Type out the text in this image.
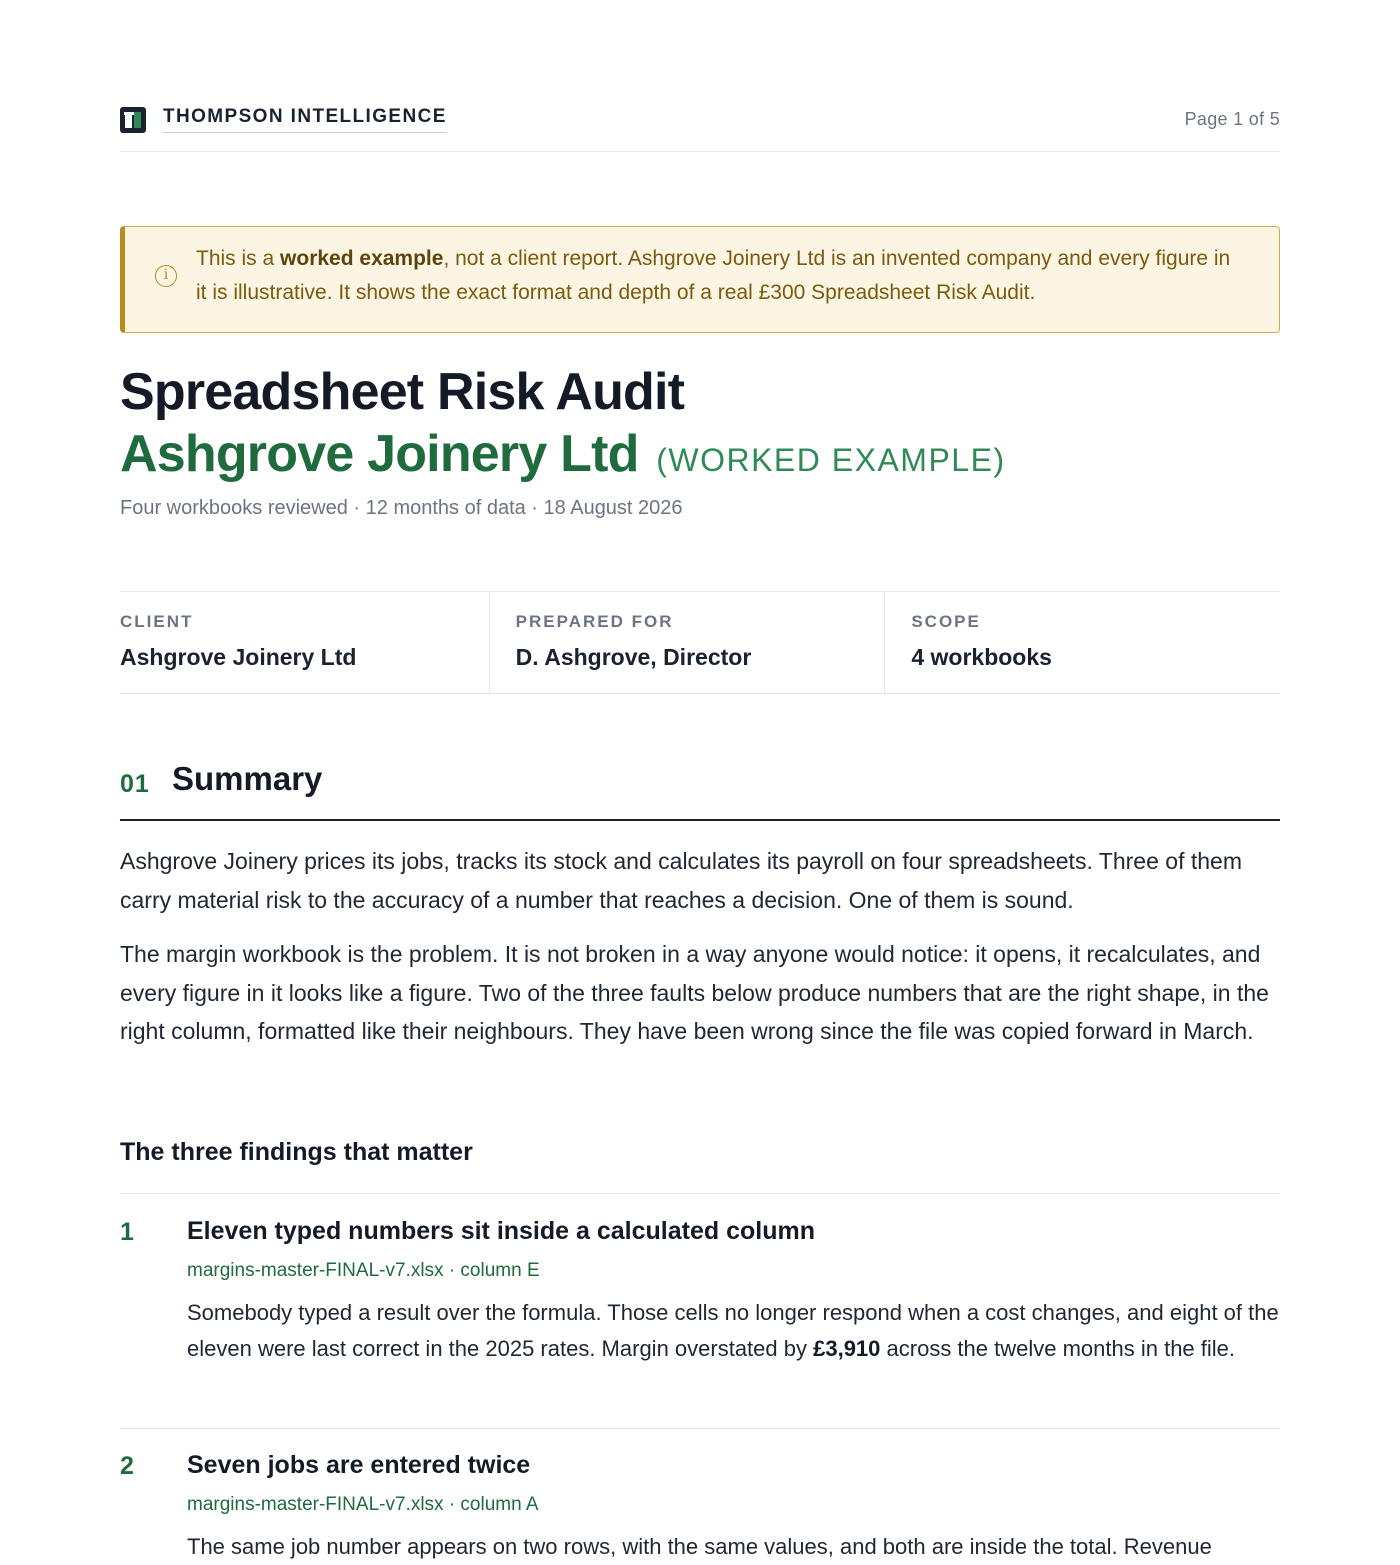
THOMPSON INTELLIGENCE	Page 1 of 5
i

This is a worked example, not a client report. Ashgrove Joinery Ltd is an invented company and every figure in it is illustrative. It shows the exact format and depth of a real £300 Spreadsheet Risk Audit.

Spreadsheet Risk Audit
Ashgrove Joinery Ltd (WORKED EXAMPLE)
Four workbooks reviewed · 12 months of data · 18 August 2026
CLIENT
Ashgrove Joinery Ltd
PREPARED FOR
D. Ashgrove, Director
SCOPE
4 workbooks
01 Summary

Ashgrove Joinery prices its jobs, tracks its stock and calculates its payroll on four spreadsheets. Three of them carry material risk to the accuracy of a number that reaches a decision. One of them is sound.

The margin workbook is the problem. It is not broken in a way anyone would notice: it opens, it recalculates, and every figure in it looks like a figure. Two of the three faults below produce numbers that are the right shape, in the right column, formatted like their neighbours. They have been wrong since the file was copied forward in March.

The three findings that matter
1 Eleven typed numbers sit inside a calculated column
margins-master-FINAL-v7.xlsx · column E

Somebody typed a result over the formula. Those cells no longer respond when a cost changes, and eight of the eleven were last correct in the 2025 rates. Margin overstated by £3,910 across the twelve months in the file.

2 Seven jobs are entered twice
margins-master-FINAL-v7.xlsx · column A

The same job number appears on two rows, with the same values, and both are inside the total. Revenue
